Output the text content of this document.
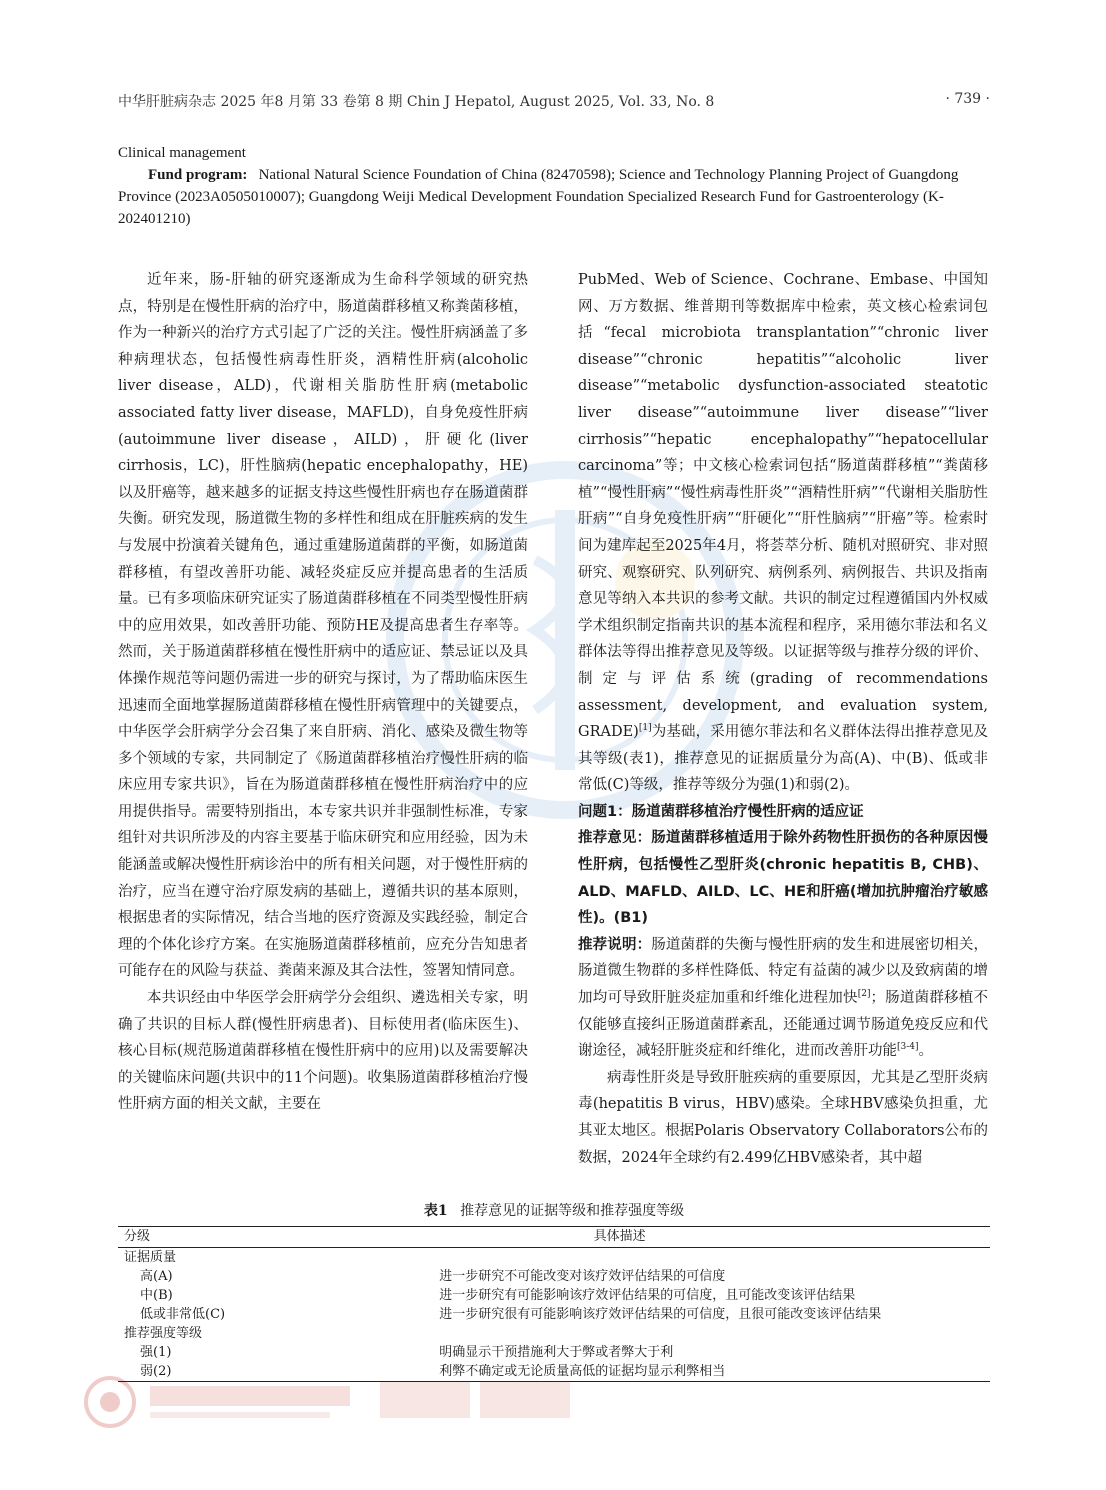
中华肝脏病杂志 2025 年8 月第 33 卷第 8 期 Chin J Hepatol, August 2025, Vol. 33, No. 8	· 739 ·
Clinical management

Fund program: National Natural Science Foundation of China (82470598); Science and Technology Planning Project of Guangdong Province (2023A0505010007); Guangdong Weiji Medical Development Foundation Specialized Research Fund for Gastroenterology (K-202401210)

近年来，肠-肝轴的研究逐渐成为生命科学领域的研究热点，特别是在慢性肝病的治疗中，肠道菌群移植又称粪菌移植，作为一种新兴的治疗方式引起了广泛的关注。慢性肝病涵盖了多种病理状态，包括慢性病毒性肝炎，酒精性肝病(alcoholic liver disease，ALD)，代谢相关脂肪性肝病(metabolic associated fatty liver disease，MAFLD)，自身免疫性肝病(autoimmune liver disease，AILD)，肝硬化(liver cirrhosis，LC)，肝性脑病(hepatic encephalopathy，HE)以及肝癌等，越来越多的证据支持这些慢性肝病也存在肠道菌群失衡。研究发现，肠道微生物的多样性和组成在肝脏疾病的发生与发展中扮演着关键角色，通过重建肠道菌群的平衡，如肠道菌群移植，有望改善肝功能、减轻炎症反应并提高患者的生活质量。已有多项临床研究证实了肠道菌群移植在不同类型慢性肝病中的应用效果，如改善肝功能、预防HE及提高患者生存率等。然而，关于肠道菌群移植在慢性肝病中的适应证、禁忌证以及具体操作规范等问题仍需进一步的研究与探讨，为了帮助临床医生迅速而全面地掌握肠道菌群移植在慢性肝病管理中的关键要点，中华医学会肝病学分会召集了来自肝病、消化、感染及微生物等多个领域的专家，共同制定了《肠道菌群移植治疗慢性肝病的临床应用专家共识》，旨在为肠道菌群移植在慢性肝病治疗中的应用提供指导。需要特别指出，本专家共识并非强制性标准，专家组针对共识所涉及的内容主要基于临床研究和应用经验，因为未能涵盖或解决慢性肝病诊治中的所有相关问题，对于慢性肝病的治疗，应当在遵守治疗原发病的基础上，遵循共识的基本原则，根据患者的实际情况，结合当地的医疗资源及实践经验，制定合理的个体化诊疗方案。在实施肠道菌群移植前，应充分告知患者可能存在的风险与获益、粪菌来源及其合法性，签署知情同意。

本共识经由中华医学会肝病学分会组织、遴选相关专家，明确了共识的目标人群(慢性肝病患者)、目标使用者(临床医生)、核心目标(规范肠道菌群移植在慢性肝病中的应用)以及需要解决的关键临床问题(共识中的11个问题)。收集肠道菌群移植治疗慢性肝病方面的相关文献，主要在

PubMed、Web of Science、Cochrane、Embase、中国知网、万方数据、维普期刊等数据库中检索，英文核心检索词包括“fecal microbiota transplantation”“chronic liver disease”“chronic hepatitis”“alcoholic liver disease”“metabolic dysfunction-associated steatotic liver disease”“autoimmune liver disease”“liver cirrhosis”“hepatic encephalopathy”“hepatocellular carcinoma”等；中文核心检索词包括“肠道菌群移植”“粪菌移植”“慢性肝病”“慢性病毒性肝炎”“酒精性肝病”“代谢相关脂肪性肝病”“自身免疫性肝病”“肝硬化”“肝性脑病”“肝癌”等。检索时间为建库起至2025年4月，将荟萃分析、随机对照研究、非对照研究、观察研究、队列研究、病例系列、病例报告、共识及指南意见等纳入本共识的参考文献。共识的制定过程遵循国内外权威学术组织制定指南共识的基本流程和程序，采用德尔菲法和名义群体法等得出推荐意见及等级。以证据等级与推荐分级的评价、制定与评估系统(grading of recommendations assessment, development, and evaluation system, GRADE)[1]为基础，采用德尔菲法和名义群体法得出推荐意见及其等级(表1)，推荐意见的证据质量分为高(A)、中(B)、低或非常低(C)等级，推荐等级分为强(1)和弱(2)。

问题1：肠道菌群移植治疗慢性肝病的适应证

推荐意见：肠道菌群移植适用于除外药物性肝损伤的各种原因慢性肝病，包括慢性乙型肝炎(chronic hepatitis B, CHB)、ALD、MAFLD、AILD、LC、HE和肝癌(增加抗肿瘤治疗敏感性)。(B1)

推荐说明：肠道菌群的失衡与慢性肝病的发生和进展密切相关，肠道微生物群的多样性降低、特定有益菌的减少以及致病菌的增加均可导致肝脏炎症加重和纤维化进程加快[2]；肠道菌群移植不仅能够直接纠正肠道菌群紊乱，还能通过调节肠道免疫反应和代谢途径，减轻肝脏炎症和纤维化，进而改善肝功能[3-4]。

病毒性肝炎是导致肝脏疾病的重要原因，尤其是乙型肝炎病毒(hepatitis B virus，HBV)感染。全球HBV感染负担重，尤其亚太地区。根据Polaris Observatory Collaborators公布的数据，2024年全球约有2.499亿HBV感染者，其中超

表1 推荐意见的证据等级和推荐强度等级
分级	具体描述
证据质量	
高(A)	进一步研究不可能改变对该疗效评估结果的可信度
中(B)	进一步研究有可能影响该疗效评估结果的可信度，且可能改变该评估结果
低或非常低(C)	进一步研究很有可能影响该疗效评估结果的可信度，且很可能改变该评估结果
推荐强度等级	
强(1)	明确显示干预措施利大于弊或者弊大于利
弱(2)	利弊不确定或无论质量高低的证据均显示利弊相当
